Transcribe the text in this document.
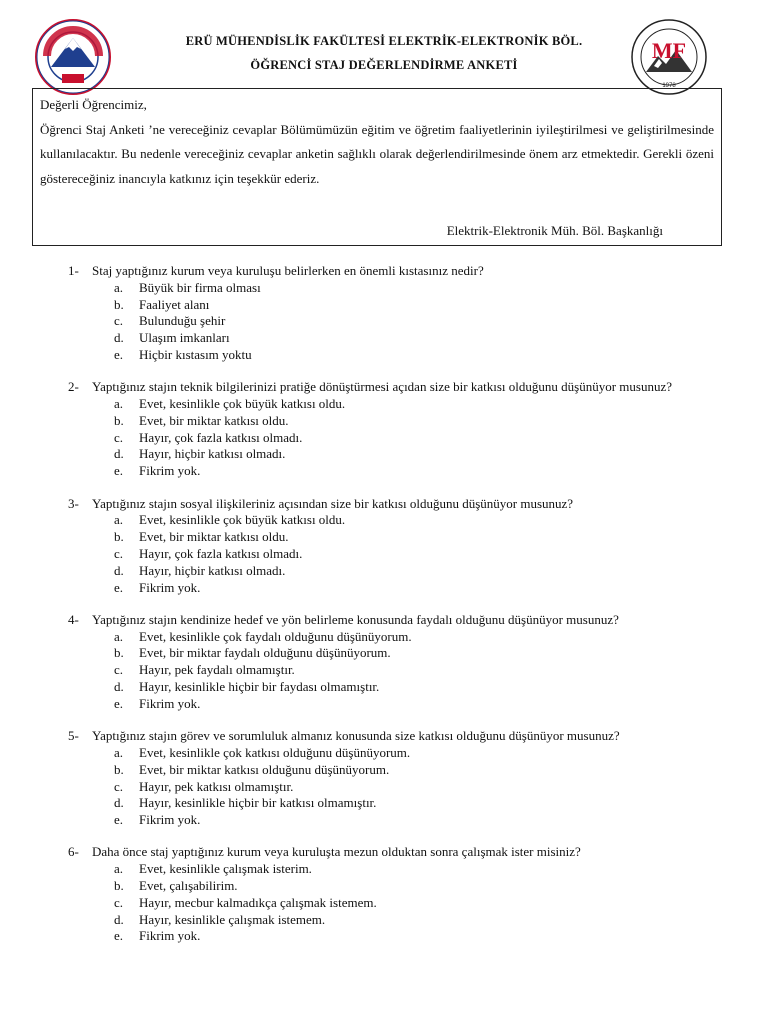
MF
1978
ERÜ MÜHENDİSLİK FAKÜLTESİ ELEKTRİK-ELEKTRONİK BÖL.
ÖĞRENCİ STAJ DEĞERLENDİRME ANKETİ
Değerli Öğrencimiz,
Öğrenci Staj Anketi ’ne vereceğiniz cevaplar Bölümümüzün eğitim ve öğretim faaliyetlerinin iyileştirilmesi ve geliştirilmesinde kullanılacaktır. Bu nedenle vereceğiniz cevaplar anketin sağlıklı olarak değerlendirilmesinde önem arz etmektedir. Gerekli özeni göstereceğiniz inancıyla katkınız için teşekkür ederiz.
Elektrik-Elektronik Müh. Böl. Başkanlığı
1-	Staj yaptığınız kurum veya kuruluşu belirlerken en önemli kıstasınız nedir?
a.	Büyük bir firma olması
b.	Faaliyet alanı
c.	Bulunduğu şehir
d.	Ulaşım imkanları
e.	Hiçbir kıstasım yoktu
2-	Yaptığınız stajın teknik bilgilerinizi pratiğe dönüştürmesi açıdan size bir katkısı olduğunu düşünüyor musunuz?
a.	Evet, kesinlikle çok büyük katkısı oldu.
b.	Evet, bir miktar katkısı oldu.
c.	Hayır, çok fazla katkısı olmadı.
d.	Hayır, hiçbir katkısı olmadı.
e.	Fikrim yok.
3-	Yaptığınız stajın sosyal ilişkileriniz açısından size bir katkısı olduğunu düşünüyor musunuz?
a.	Evet, kesinlikle çok büyük katkısı oldu.
b.	Evet, bir miktar katkısı oldu.
c.	Hayır, çok fazla katkısı olmadı.
d.	Hayır, hiçbir katkısı olmadı.
e.	Fikrim yok.
4-	Yaptığınız stajın kendinize hedef ve yön belirleme konusunda faydalı olduğunu düşünüyor musunuz?
a.	Evet, kesinlikle çok faydalı olduğunu düşünüyorum.
b.	Evet, bir miktar faydalı olduğunu düşünüyorum.
c.	Hayır, pek faydalı olmamıştır.
d.	Hayır, kesinlikle hiçbir bir faydası olmamıştır.
e.	Fikrim yok.
5-	Yaptığınız stajın görev ve sorumluluk almanız konusunda size katkısı olduğunu düşünüyor musunuz?
a.	Evet, kesinlikle çok katkısı olduğunu düşünüyorum.
b.	Evet, bir miktar katkısı olduğunu düşünüyorum.
c.	Hayır, pek katkısı olmamıştır.
d.	Hayır, kesinlikle hiçbir bir katkısı olmamıştır.
e.	Fikrim yok.
6-	Daha önce staj yaptığınız kurum veya kuruluşta mezun olduktan sonra çalışmak ister misiniz?
a.	Evet, kesinlikle çalışmak isterim.
b.	Evet, çalışabilirim.
c.	Hayır, mecbur kalmadıkça çalışmak istemem.
d.	Hayır, kesinlikle çalışmak istemem.
e.	Fikrim yok.
